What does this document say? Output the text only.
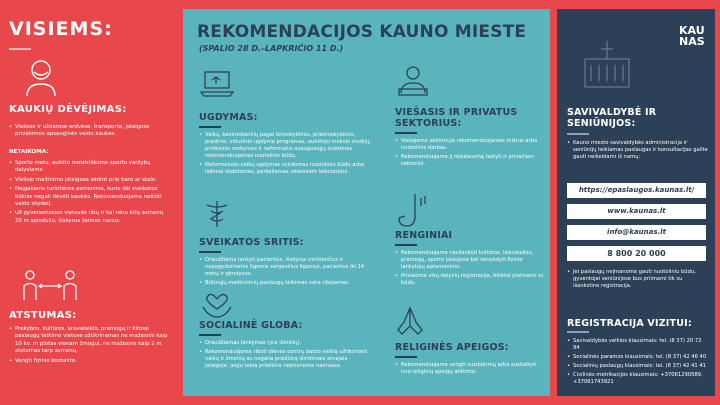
VISIEMS:
KAUKIŲ DĖVĖJIMAS:
• Viešose ir uždarose erdvėse, transporte, įstaigose privalomos apsauginės veido kaukės.
NETAIKOMA:
• Sporto metu, aukšto meistriškumo sporto varžybų dalyviams.
• Viešojo maitinimo įstaigose sėdint prie baro ar stalo.
• Neįgaliems turintiems asmenims, kurie dėl sveikatos būklės negali dėvėti kaukės. Rekomenduojama nešioti veido skydelį.
• Už gyvenamosios vietovės ribų ir kai nėra kitų asmenų 20 m spinduliu, išskyrus šeimos narius.
ATSTUMAS:
• Prekybos, kultūros, laisvalaikio, pramogų ir kitose paslaugų teikimo vietose užtikrinamas ne mažesnis kaip 10 kv. m plotas vienam žmogui, ne mažesnis kaip 2 m atstumas tarp asmenų.
• Vengti fizinio kontakto.
REKOMENDACIJOS KAUNO MIESTE
(SPALIO 28 D.–LAPKRIČIO 11 D.)
UGDYMAS:
• Vaikų, besimokančių pagal ikimokyklinio, priešmokyklinio, pradinio, vidurinio ugdymo programas, aukštojo mokslo studijų, profesinis mokymas ir neformalus suaugusiųjų švietimas rekomenduojamas nuotolinis būdu.
• Neformalusis vaikų ugdymas vykdomas nuotoliniu būdu arba lalkinai stabdomas, perkeliamas vėlesniam laikotarpiui.
VIEŠASIS IR PRIVATUS SEKTORIUS:
• Viešajame sektoriuje rekomenduojamas mišrus arba nuotolinis darbas.
• Rekomenduojama jį reikalavimą taikyti ir privačiam sektoriui.
SVEIKATOS SRITIS:
• Draudžiama lankyti pacientus, išskyrus mirštančius ir nepagydomomis ligomis sergančius ligonius, pacientus iki 14 metų ir gimdyves.
• Būtinųjų medicininių paslaugų teikimas nėra ribojamas.
RENGINIAI
• Rekomenduojama nesilankyti kultūros, laisvalaikio, pramogų, sporto įstaigose bei nevykdyti fizinio lankytojų aptarnavimo.
• Privaloma visų dalyvių registracija, bilietai platinami el. būdu.
SOCIALINĖ GLOBA:
• Draudžiamas lankymas (yra išimčių).
• Rekomenduojama riboti dienos centrų darbo veiklą užtikrinant vaikų ir žmonių su negalia priežiūrą išimtiniais atvejais įstaigoje, jeigu tokia priežiūra neįmanoma namuose.
RELIGINĖS APEIGOS:
• Rekomenduojama vengti susibūrimų arba susilaikyti nuo religinių apeigų atlikimo.
KAU NAS
SAVIVALDYBĖ IR SENIŪNIJOS:
• Kauno miesto savivaldybės administracija ir seniūnijų teikiamas paslaugas ir konsultacijas galite gauti neišeidami iš namų:
https://epaslaugos.kaunas.lt/
www.kaunas.lt
info@kaunas.lt
8 800 20 000
• Jei paslaugų neįmanoma gauti nuotoliniu būdu, gyventojai seniūnijose bus priimami tik su išankstine registracija.
REGISTRACIJA VIZITUI:
• Savivaldybės veiklos klausimais: tel. (8 37) 20 72 94
• Socialinės paramos klausimais: tel. (8 37) 42 46 40
• Socialinių paslaugų klausimais: tel. (8 37) 42 41 41
• Civilinės metrikacijos klausimais: +37061290589, +37061743921
